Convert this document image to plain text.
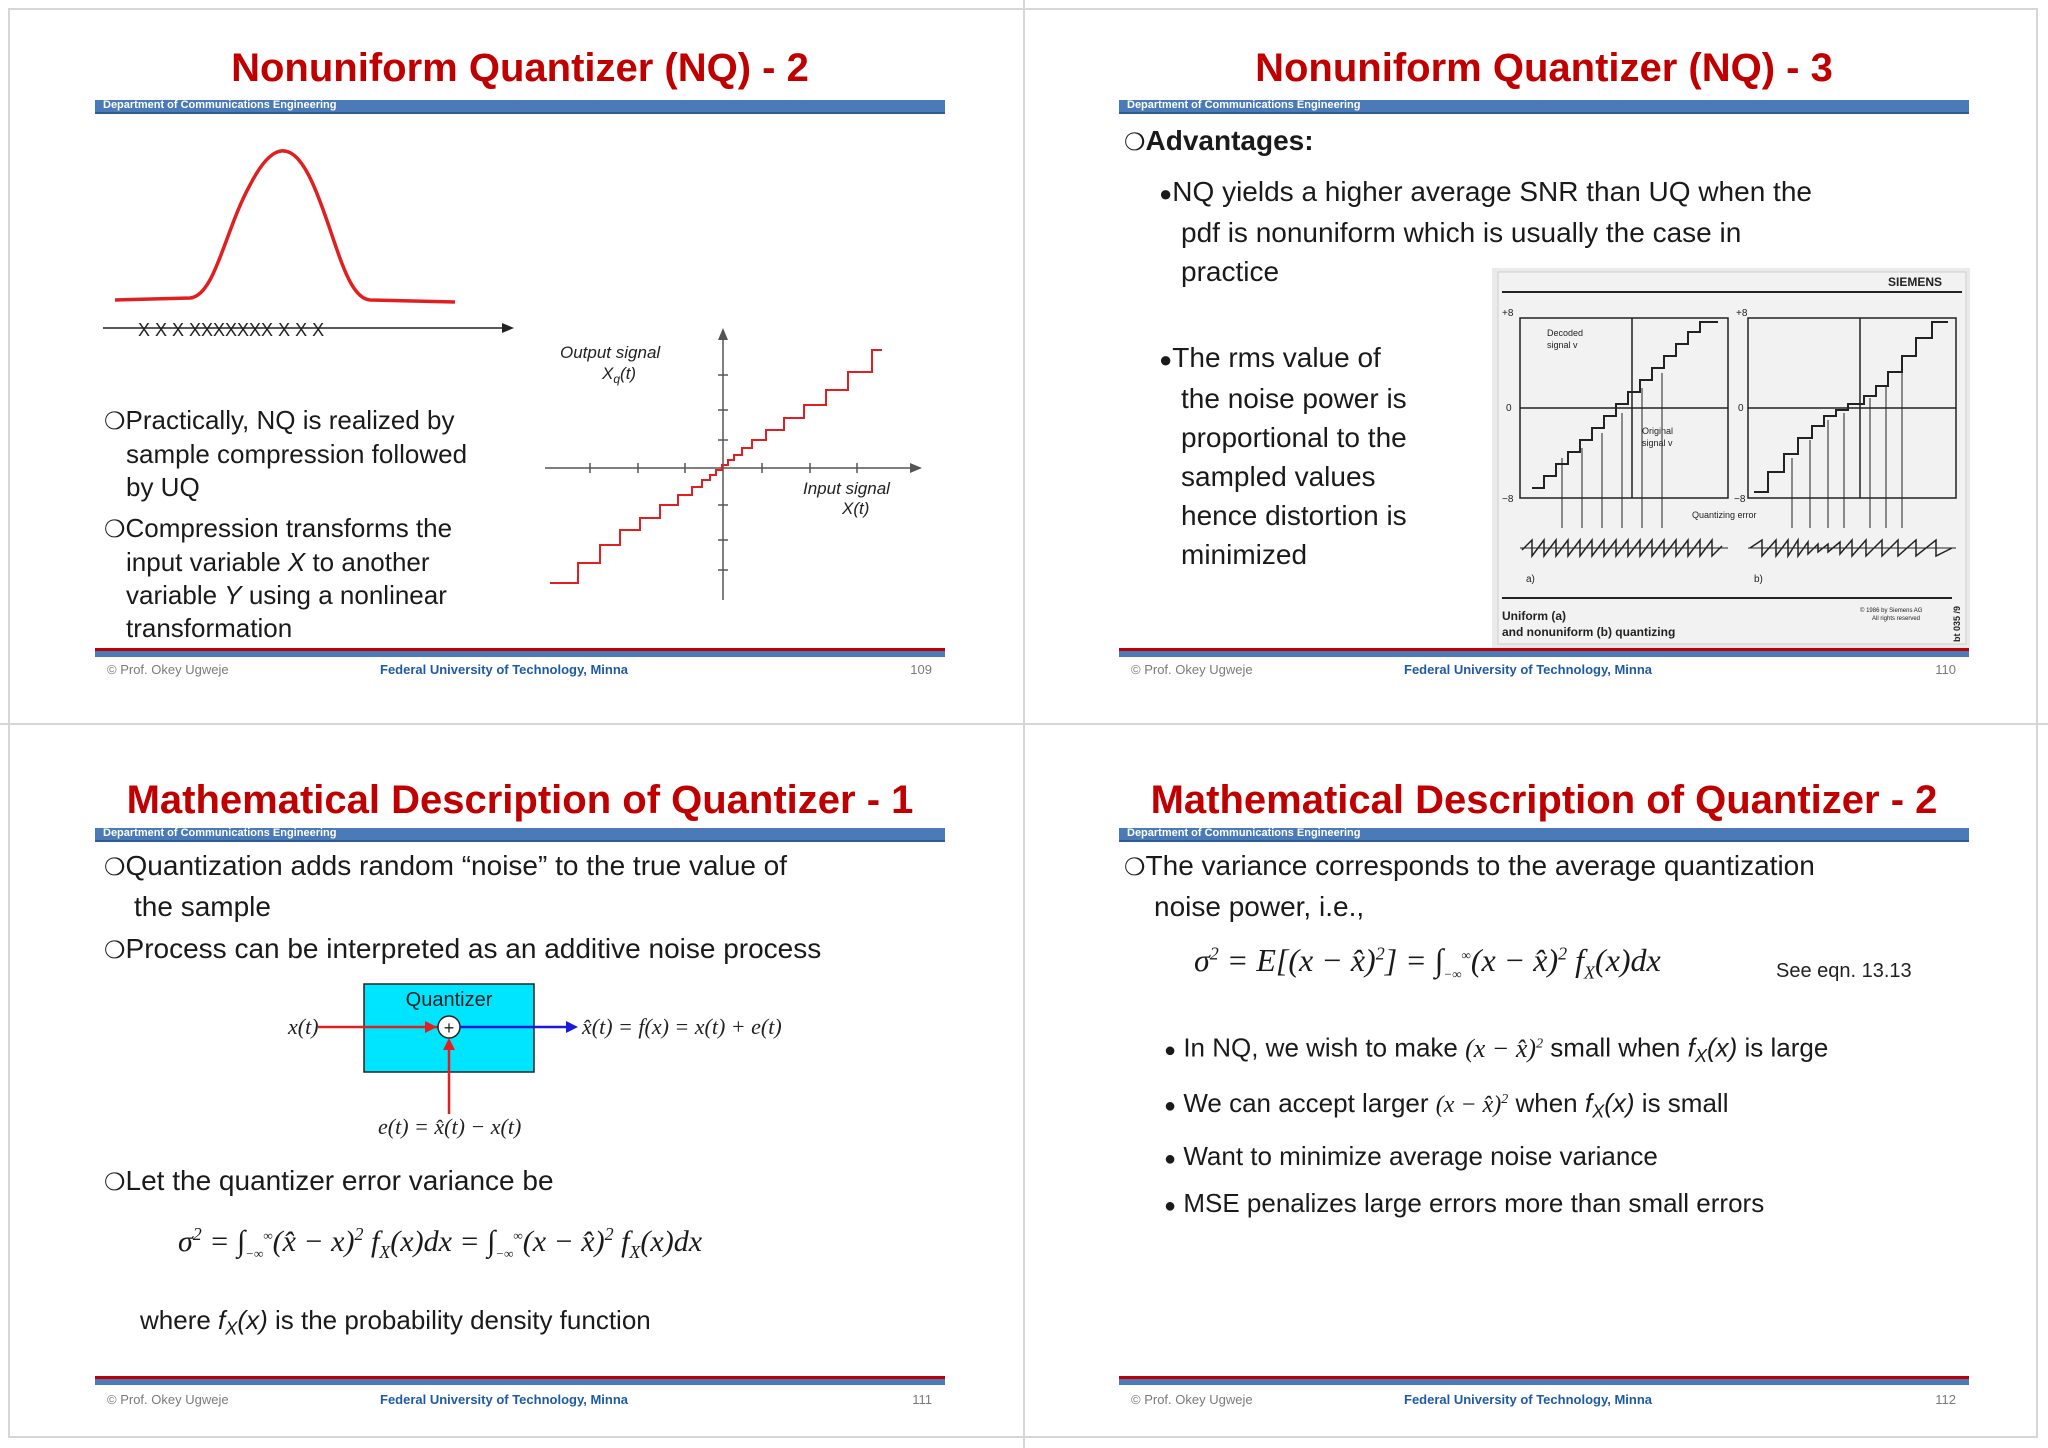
Nonuniform Quantizer (NQ) - 2
Department of Communications Engineering
X X X XXXXXXX X X X
Output signal
$X_q(t)$
Input signal
X(t)
❍Practically, NQ is realized by
sample compression followed
by UQ
❍Compression transforms the
input variable X to another
variable Y using a nonlinear
transformation
© Prof. Okey Ugweje	Federal University of Technology, Minna	109
Nonuniform Quantizer (NQ) - 3
Department of Communications Engineering
❍Advantages:
●NQ yields a higher average SNR than UQ when the
pdf is nonuniform which is usually the case in
practice
●The rms value of
the noise power is
proportional to the
sampled values
hence distortion is
minimized
SIEMENS
+8
0
−8
Decoded
signal v
Original
signal v
a)
+8
0
−8
Quantizing error
b)
Uniform (a)
and nonuniform (b) quantizing
© 1986 by Siemens AG
All rights reserved	bt 035 /9
© Prof. Okey Ugweje	Federal University of Technology, Minna	110
Mathematical Description of Quantizer - 1
Department of Communications Engineering
❍Quantization adds random “noise” to the true value of
the sample
❍Process can be interpreted as an additive noise process
Quantizer
+
x(t)	x̂(t) = f(x) = x(t) + e(t)
e(t) = x̂(t) − x(t)
❍Let the quantizer error variance be
$\sigma^2$ = $\int_{-\infty}^\infty(x̂ - x)^2$ $f_X(x)dx = \int_{-\infty}^\infty(x$ − x̂)$^2$ $f_X(x)dx$
where $f_X(x)$ is the probability density function
© Prof. Okey Ugweje	Federal University of Technology, Minna	111
Mathematical Description of Quantizer - 2
Department of Communications Engineering
❍The variance corresponds to the average quantization
noise power, i.e.,
$\sigma^2 = E[(x$ − x̂)$^2$] = $\int_{-\infty}^\infty(x$ − x̂)$^2$ $f_X(x)dx$	See eqn. 13.13
● In NQ, we wish to make (x − x̂)$^2$ small when $f_X(x)$ is large
● We can accept larger (x − x̂)$^2$ when $f_X(x)$ is small
● Want to minimize average noise variance
● MSE penalizes large errors more than small errors
© Prof. Okey Ugweje	Federal University of Technology, Minna	112
